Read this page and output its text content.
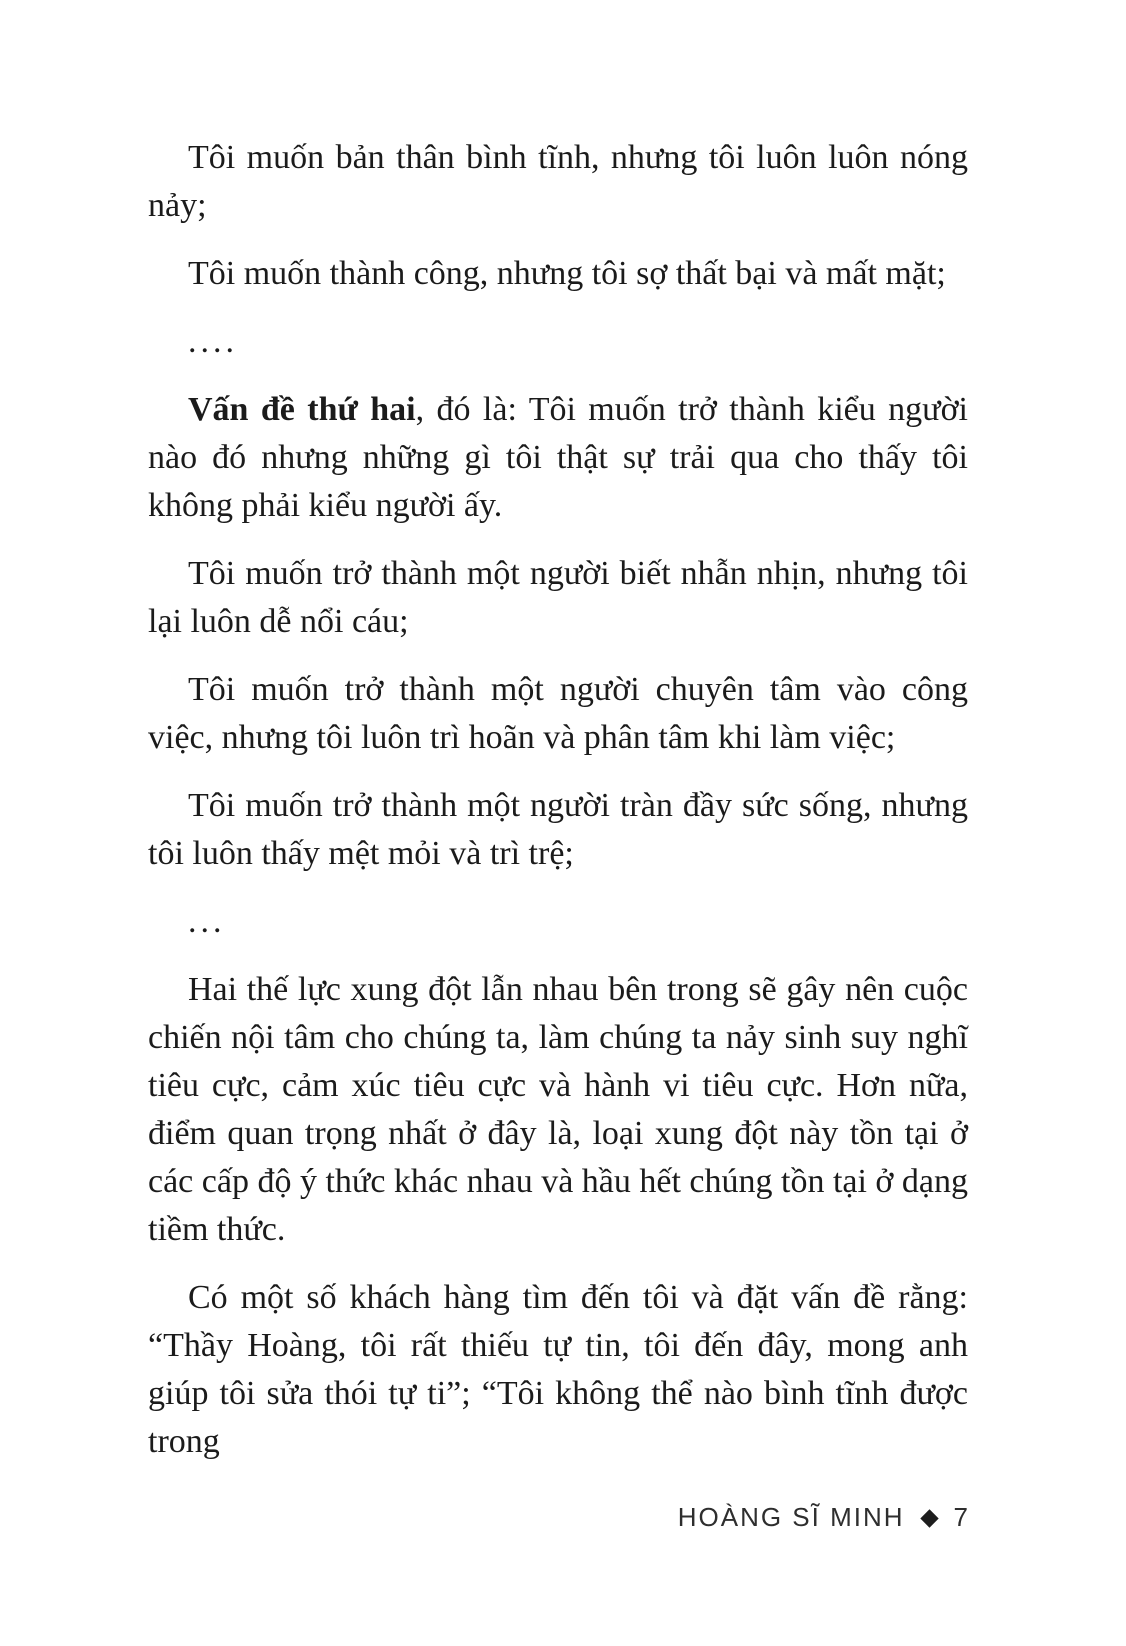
Tôi muốn bản thân bình tĩnh, nhưng tôi luôn luôn nóng nảy;

Tôi muốn thành công, nhưng tôi sợ thất bại và mất mặt;

....

Vấn đề thứ hai, đó là: Tôi muốn trở thành kiểu người nào đó nhưng những gì tôi thật sự trải qua cho thấy tôi không phải kiểu người ấy.

Tôi muốn trở thành một người biết nhẫn nhịn, nhưng tôi lại luôn dễ nổi cáu;

Tôi muốn trở thành một người chuyên tâm vào công việc, nhưng tôi luôn trì hoãn và phân tâm khi làm việc;

Tôi muốn trở thành một người tràn đầy sức sống, nhưng tôi luôn thấy mệt mỏi và trì trệ;

...

Hai thế lực xung đột lẫn nhau bên trong sẽ gây nên cuộc chiến nội tâm cho chúng ta, làm chúng ta nảy sinh suy nghĩ tiêu cực, cảm xúc tiêu cực và hành vi tiêu cực. Hơn nữa, điểm quan trọng nhất ở đây là, loại xung đột này tồn tại ở các cấp độ ý thức khác nhau và hầu hết chúng tồn tại ở dạng tiềm thức.

Có một số khách hàng tìm đến tôi và đặt vấn đề rằng: “Thầy Hoàng, tôi rất thiếu tự tin, tôi đến đây, mong anh giúp tôi sửa thói tự ti”; “Tôi không thể nào bình tĩnh được trong

HOÀNG SĨ MINH 7
